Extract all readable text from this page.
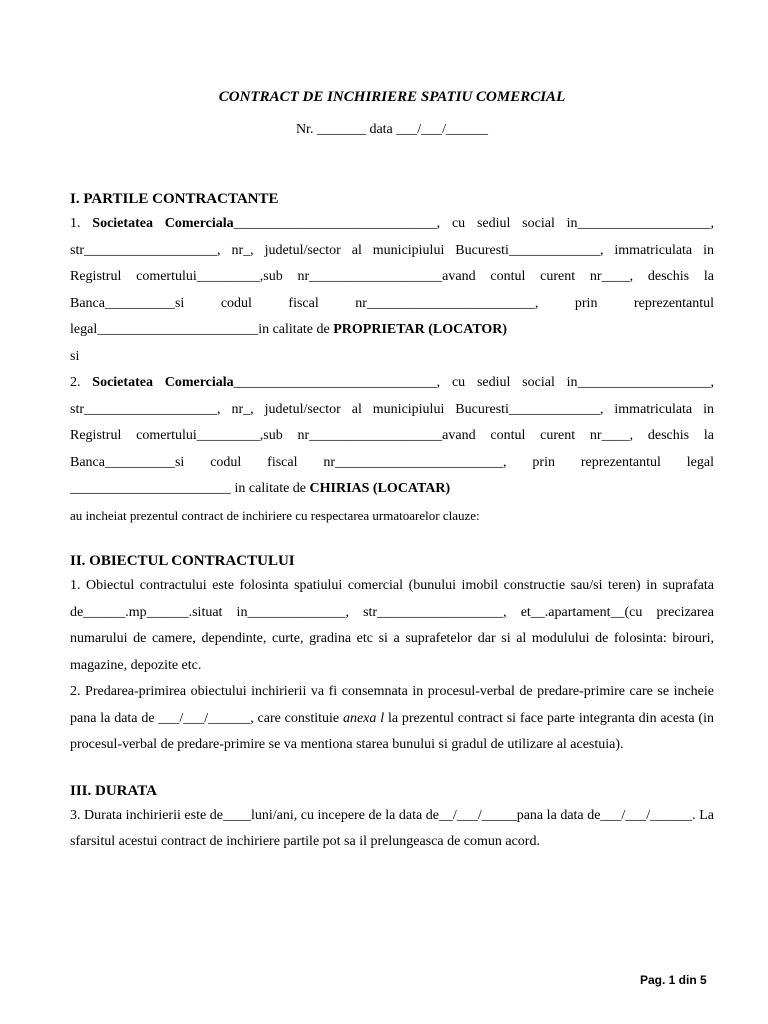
CONTRACT DE INCHIRIERE SPATIU COMERCIAL
Nr. _______ data ___/___/______
I. PARTILE CONTRACTANTE
1. Societatea Comerciala_____________________________, cu sediul social in___________________,
str___________________, nr_, judetul/sector al municipiului Bucuresti_____________, immatriculata in
Registrul comertului_________,sub nr___________________avand contul curent nr____, deschis la
Banca__________si codul fiscal nr________________________, prin reprezentantul
legal_______________________in calitate de PROPRIETAR (LOCATOR)
si
2. Societatea Comerciala_____________________________, cu sediul social in___________________,
str___________________, nr_, judetul/sector al municipiului Bucuresti_____________, immatriculata in
Registrul comertului_________,sub nr___________________avand contul curent nr____, deschis la
Banca__________si codul fiscal nr________________________, prin reprezentantul legal
_______________________ in calitate de CHIRIAS (LOCATAR)
au incheiat prezentul contract de inchiriere cu respectarea urmatoarelor clauze:
II. OBIECTUL CONTRACTULUI
1. Obiectul contractului este folosinta spatiului comercial (bunului imobil constructie sau/si teren) in suprafata de______.mp______.situat in______________, str__________________, et__.apartament__(cu precizarea numarului de camere, dependinte, curte, gradina etc si a suprafetelor dar si al modulului de folosinta: birouri, magazine, depozite etc.
2. Predarea-primirea obiectului inchirierii va fi consemnata in procesul-verbal de predare-primire care se incheie pana la data de ___/___/______, care constituie anexa l la prezentul contract si face parte integranta din acesta (in procesul-verbal de predare-primire se va mentiona starea bunului si gradul de utilizare al acestuia).
III. DURATA
3. Durata inchirierii este de____luni/ani, cu incepere de la data de__/___/_____pana la data de___/___/______. La sfarsitul acestui contract de inchiriere partile pot sa il prelungeasca de comun acord.
Pag. 1 din 5
